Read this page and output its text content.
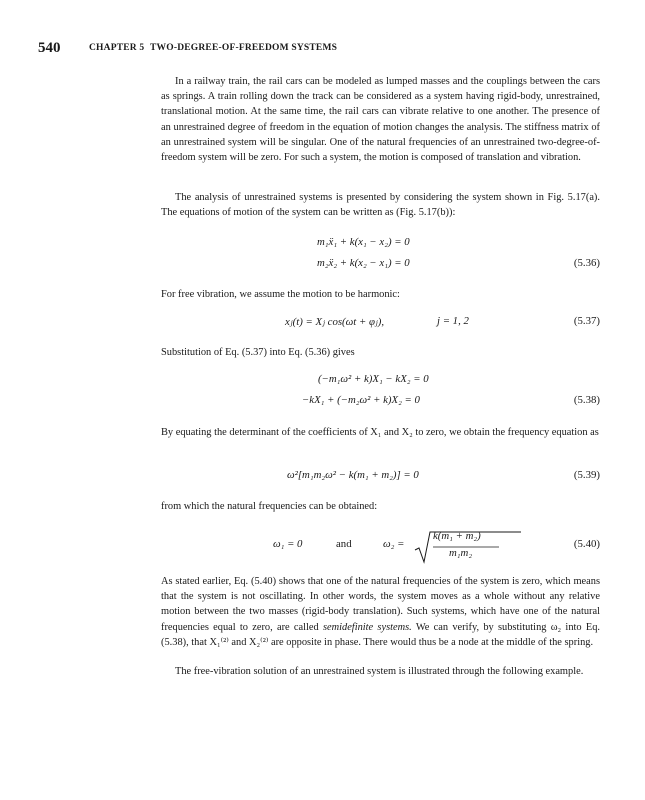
540	CHAPTER 5 TWO-DEGREE-OF-FREEDOM SYSTEMS

In a railway train, the rail cars can be modeled as lumped masses and the couplings between the cars as springs. A train rolling down the track can be considered as a system having rigid-body, unrestrained, translational motion. At the same time, the rail cars can vibrate relative to one another. The presence of an unrestrained degree of freedom in the equation of motion changes the analysis. The stiffness matrix of an unrestrained system will be singular. One of the natural frequencies of an unrestrained two-degree-of-freedom system will be zero. For such a system, the motion is composed of translation and vibration.

The analysis of unrestrained systems is presented by considering the system shown in Fig. 5.17(a). The equations of motion of the system can be written as (Fig. 5.17(b)):

m₁ẍ₁ + k(x₁ − x₂) = 0
m₂ẍ₂ + k(x₂ − x₁) = 0	(5.36)

For free vibration, we assume the motion to be harmonic:

xⱼ(t) = Xⱼ cos(ωt + φⱼ),	j = 1, 2	(5.37)

Substitution of Eq. (5.37) into Eq. (5.36) gives

(−m₁ω² + k)X₁ − kX₂ = 0
−kX₁ + (−m₂ω² + k)X₂ = 0	(5.38)

By equating the determinant of the coefficients of X₁ and X₂ to zero, we obtain the frequency equation as

ω²[m₁m₂ω² − k(m₁ + m₂)] = 0	(5.39)

from which the natural frequencies can be obtained:

ω₁ = 0	and	ω₂ =
k(m₁ + m₂)
m₁m₂
(5.40)

As stated earlier, Eq. (5.40) shows that one of the natural frequencies of the system is zero, which means that the system is not oscillating. In other words, the system moves as a whole without any relative motion between the two masses (rigid-body translation). Such systems, which have one of the natural frequencies equal to zero, are called semidefinite systems. We can verify, by substituting ω₂ into Eq. (5.38), that X₁⁽²⁾ and X₂⁽²⁾ are opposite in phase. There would thus be a node at the middle of the spring.

The free-vibration solution of an unrestrained system is illustrated through the following example.
